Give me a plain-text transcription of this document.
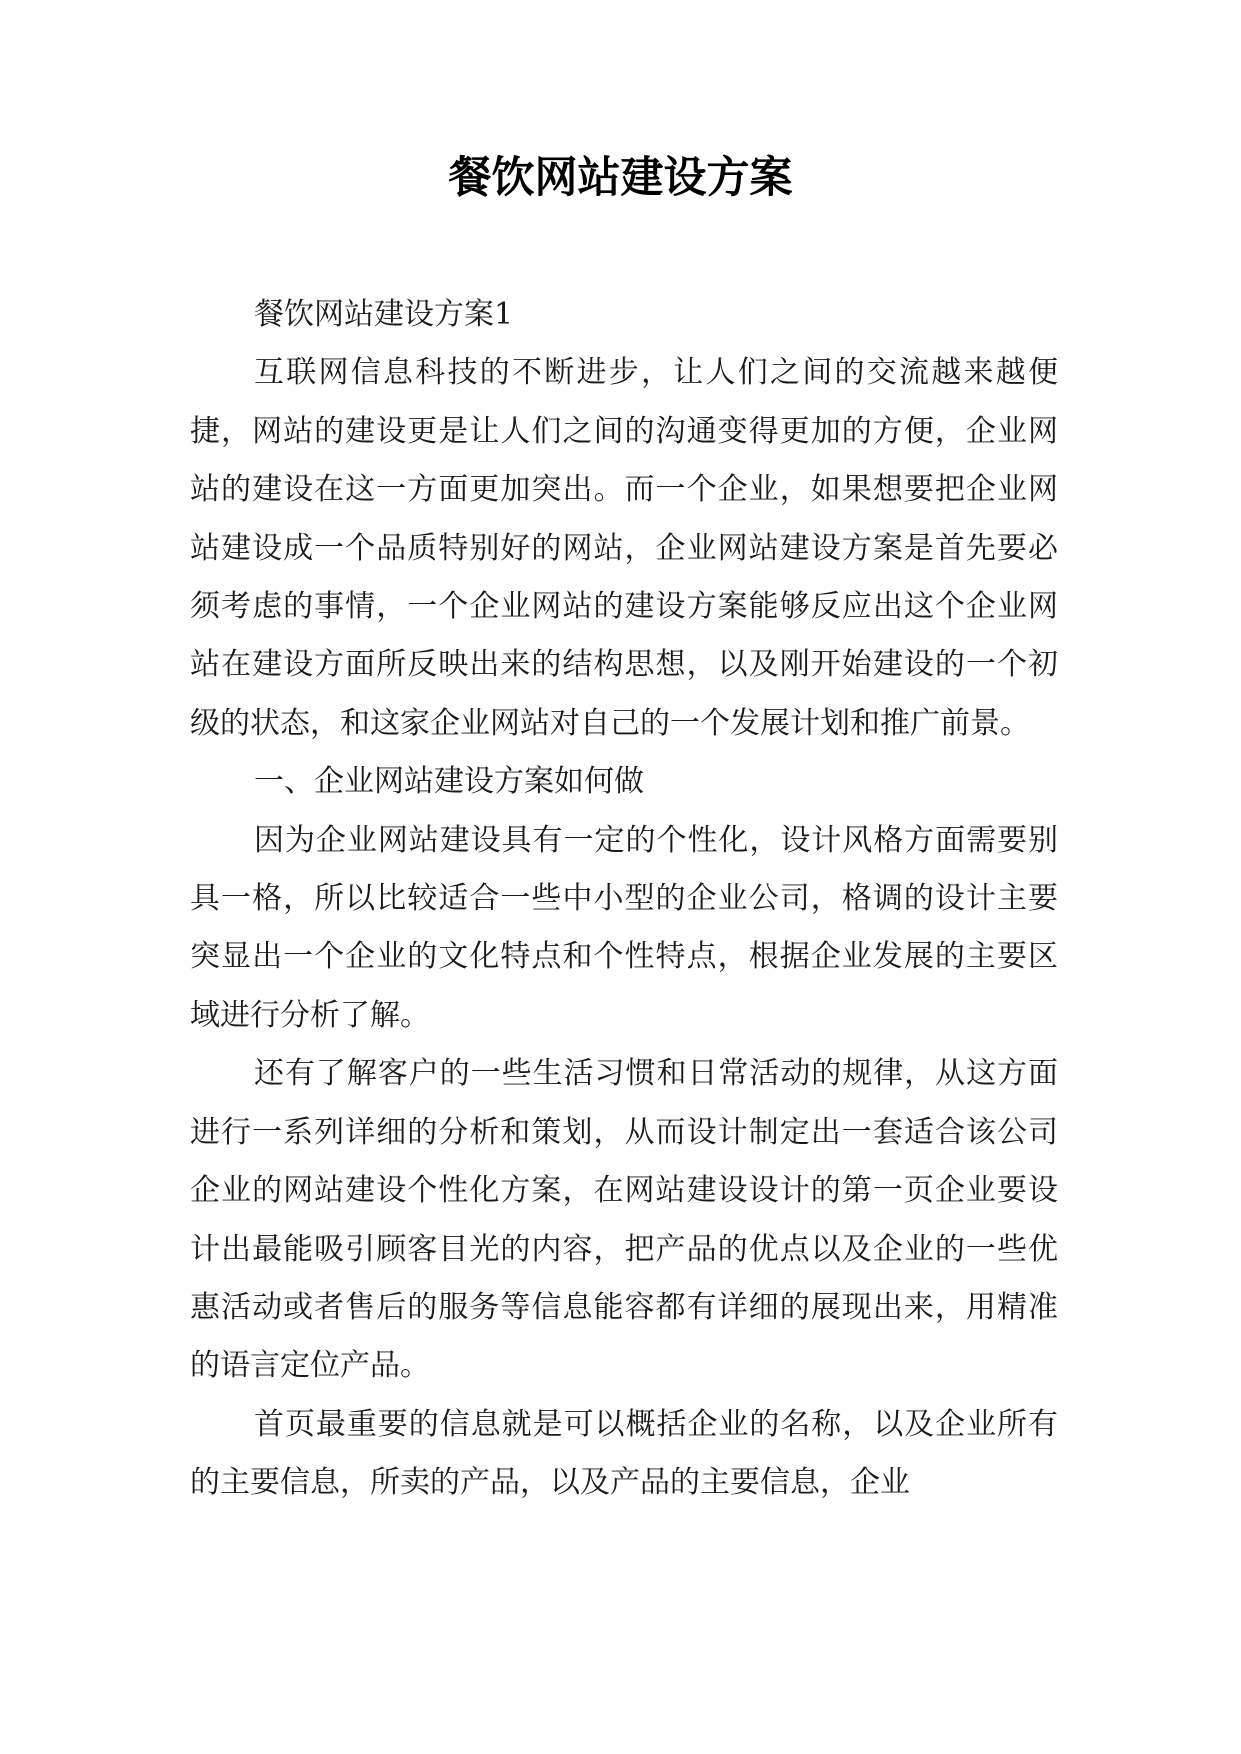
餐饮网站建设方案

餐饮网站建设方案1

互联网信息科技的不断进步，让人们之间的交流越来越便捷，网站的建设更是让人们之间的沟通变得更加的方便，企业网站的建设在这一方面更加突出。而一个企业，如果想要把企业网站建设成一个品质特别好的网站，企业网站建设方案是首先要必须考虑的事情，一个企业网站的建设方案能够反应出这个企业网站在建设方面所反映出来的结构思想，以及刚开始建设的一个初级的状态，和这家企业网站对自己的一个发展计划和推广前景。

一、企业网站建设方案如何做

因为企业网站建设具有一定的个性化，设计风格方面需要别具一格，所以比较适合一些中小型的企业公司，格调的设计主要突显出一个企业的文化特点和个性特点，根据企业发展的主要区域进行分析了解。

还有了解客户的一些生活习惯和日常活动的规律，从这方面进行一系列详细的分析和策划，从而设计制定出一套适合该公司企业的网站建设个性化方案，在网站建设设计的第一页企业要设计出最能吸引顾客目光的内容，把产品的优点以及企业的一些优惠活动或者售后的服务等信息能容都有详细的展现出来，用精准的语言定位产品。

首页最重要的信息就是可以概括企业的名称，以及企业所有的主要信息，所卖的产品，以及产品的主要信息，企业
